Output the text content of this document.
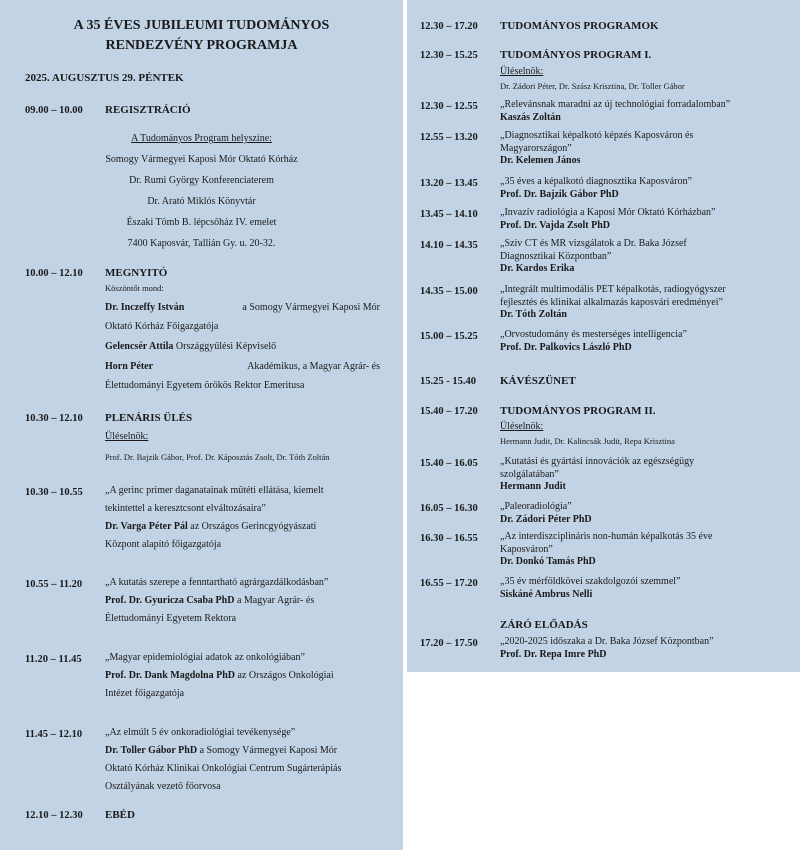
A 35 ÉVES JUBILEUMI TUDOMÁNYOS
RENDEZVÉNY PROGRAMJA
2025. AUGUSZTUS 29. PÉNTEK
09.00 – 10.00 REGISZTRÁCIÓ
A Tudományos Program helyszíne:
Somogy Vármegyei Kaposi Mór Oktató Kórház
Dr. Rumi György Konferenciaterem
Dr. Arató Miklós Könyvtár
Északi Tömb B. lépcsőház IV. emelet
7400 Kaposvár, Tallián Gy. u. 20-32.
10.00 – 12.10 MEGNYITÓ
Köszöntőt mond:
Dr. Inczeffy István	a Somogy Vármegyei Kaposi Mór
Oktató Kórház Főigazgatója
Gelencsér Attila Országgyűlési Képviselő
Horn Péter	Akadémikus, a Magyar Agrár- és
Élettudományi Egyetem örökös Rektor Emeritusa
10.30 – 12.10 PLENÁRIS ÜLÉS
Üléselnök:
Prof. Dr. Bajzik Gábor, Prof. Dr. Káposztás Zsolt, Dr. Tóth Zoltán
10.30 – 10.55 „A gerinc primer daganatainak műtéti ellátása, kiemelt
tekintettel a keresztcsont elváltozásaira”
Dr. Varga Péter Pál az Országos Gerincgyógyászati
Központ alapító főigazgatója
10.55 – 11.20 „A kutatás szerepe a fenntartható agrárgazdálkodásban”
Prof. Dr. Gyuricza Csaba PhD a Magyar Agrár- és
Élettudományi Egyetem Rektora
11.20 – 11.45 „Magyar epidemiológiai adatok az onkológiában”
Prof. Dr. Dank Magdolna PhD az Országos Onkológiai
Intézet főigazgatója
11.45 – 12.10 „Az elmúlt 5 év onkoradiológiai tevékenysége”
Dr. Toller Gábor PhD a Somogy Vármegyei Kaposi Mór
Oktató Kórház Klinikai Onkológiai Centrum Sugárterápiás
Osztályának vezető főorvosa
12.10 – 12.30 EBÉD
12.30 – 17.20 TUDOMÁNYOS PROGRAMOK
12.30 – 15.25 TUDOMÁNYOS PROGRAM I.
Üléselnök:
Dr. Zádori Péter, Dr. Szász Krisztina, Dr. Toller Gábor
12.30 – 12.55 „Relevánsnak maradni az új technológiai forradalomban”
Kaszás Zoltán
12.55 – 13.20 „Diagnosztikai képalkotó képzés Kaposváron és
Magyarországon”
Dr. Kelemen János
13.20 – 13.45 „35 éves a képalkotó diagnosztika Kaposváron”
Prof. Dr. Bajzik Gábor PhD
13.45 – 14.10 „Invazív radiológia a Kaposi Mór Oktató Kórházban”
Prof. Dr. Vajda Zsolt PhD
14.10 – 14.35 „Szív CT és MR vizsgálatok a Dr. Baka József
Diagnosztikai Központban”
Dr. Kardos Erika
14.35 – 15.00 „Integrált multimodális PET képalkotás, radiogyógyszer
fejlesztés és klinikai alkalmazás kaposvári eredményei”
Dr. Tóth Zoltán
15.00 – 15.25 „Orvostudomány és mesterséges intelligencia”
Prof. Dr. Palkovics László PhD
15.25 - 15.40 KÁVÉSZÜNET
15.40 – 17.20 TUDOMÁNYOS PROGRAM II.
Üléselnök:
Hermann Judit, Dr. Kalincsák Judit, Repa Krisztina
15.40 – 16.05 „Kutatási és gyártási innovációk az egészségügy
szolgálatában”
Hermann Judit
16.05 – 16.30 „Paleoradiológia”
Dr. Zádori Péter PhD
16.30 – 16.55 „Az interdiszciplináris non-humán képalkotás 35 éve
Kaposváron”
Dr. Donkó Tamás PhD
16.55 – 17.20 „35 év mérföldkövei szakdolgozói szemmel”
Siskáné Ambrus Nelli
ZÁRÓ ELŐADÁS
17.20 – 17.50 „2020-2025 időszaka a Dr. Baka József Központban”
Prof. Dr. Repa Imre PhD
